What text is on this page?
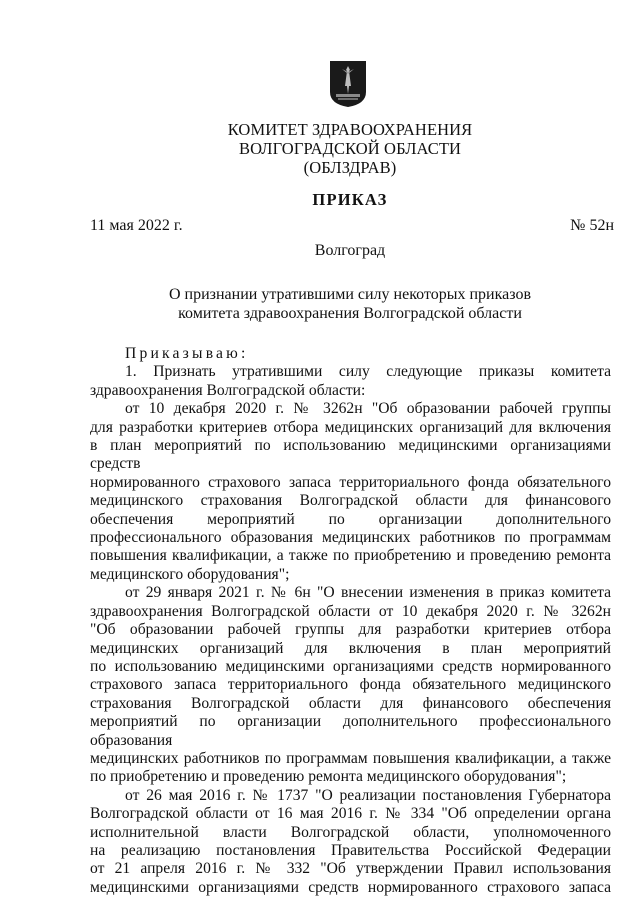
КОМИТЕТ ЗДРАВООХРАНЕНИЯ
ВОЛГОГРАДСКОЙ ОБЛАСТИ
(ОБЛЗДРАВ)
ПРИКАЗ
11 мая 2022 г.	№ 52н
Волгоград
О признании утратившими силу некоторых приказов
комитета здравоохранения Волгоградской области

Приказываю:

1. Признать утратившими силу следующие приказы комитета

здравоохранения Волгоградской области:

от 10 декабря 2020 г. № 3262н "Об образовании рабочей группы

для разработки критериев отбора медицинских организаций для включения

в план мероприятий по использованию медицинскими организациями средств

нормированного страхового запаса территориального фонда обязательного

медицинского страхования Волгоградской области для финансового

обеспечения мероприятий по организации дополнительного

профессионального образования медицинских работников по программам

повышения квалификации, а также по приобретению и проведению ремонта

медицинского оборудования";

от 29 января 2021 г. № 6н "О внесении изменения в приказ комитета

здравоохранения Волгоградской области от 10 декабря 2020 г. № 3262н

"Об образовании рабочей группы для разработки критериев отбора

медицинских организаций для включения в план мероприятий

по использованию медицинскими организациями средств нормированного

страхового запаса территориального фонда обязательного медицинского

страхования Волгоградской области для финансового обеспечения

мероприятий по организации дополнительного профессионального образования

медицинских работников по программам повышения квалификации, а также

по приобретению и проведению ремонта медицинского оборудования";

от 26 мая 2016 г. № 1737 "О реализации постановления Губернатора

Волгоградской области от 16 мая 2016 г. № 334 "Об определении органа

исполнительной власти Волгоградской области, уполномоченного

на реализацию постановления Правительства Российской Федерации

от 21 апреля 2016 г. № 332 "Об утверждении Правил использования

медицинскими организациями средств нормированного страхового запаса
